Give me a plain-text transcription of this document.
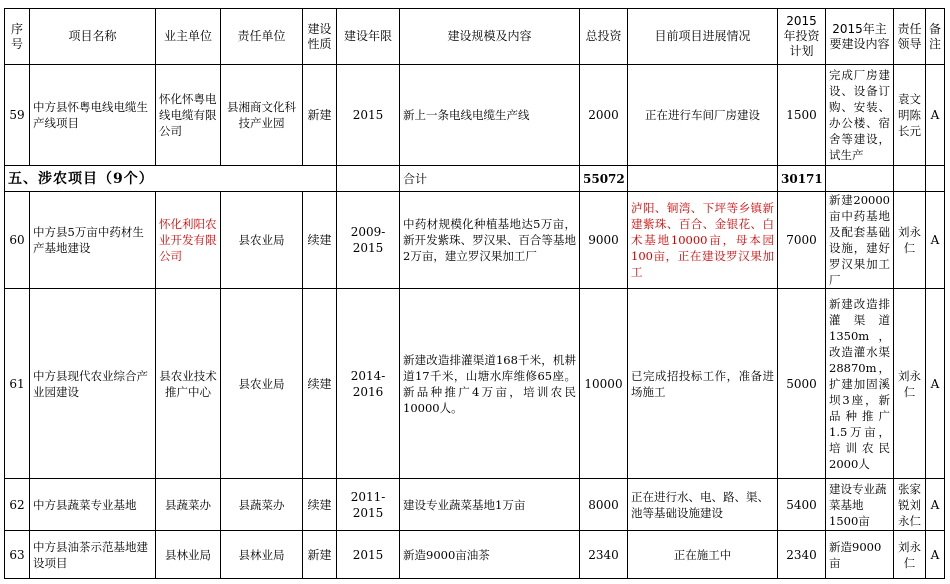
序号	项目名称	业主单位	责任单位	建设性质	建设年限	建设规模及内容	总投资	目前项目进展情况	2015年投资计划	2015年主要建设内容	责任领导	备注
59	中方县怀粤电线电缆生产线项目	怀化怀粤电线电缆有限公司	县湘商文化科技产业园	新建	2015	新上一条电线电缆生产线	2000	正在进行车间厂房建设	1500	完成厂房建设、设备订购、安装、办公楼、宿舍等建设，试生产	袁文明陈长元	A
五、涉农项目（9个）						合计	55072		30171			
60	中方县5万亩中药材生产基地建设	怀化利阳农业开发有限公司	县农业局	续建	2009-2015	中药材规模化种植基地达5万亩，新开发紫珠、罗汉果、百合等基地2万亩，建立罗汉果加工厂	9000	泸阳、铜湾、下坪等乡镇新建紫珠、百合、金银花、白术基地10000亩，母本园100亩，正在建设罗汉果加工	7000	新建20000亩中药基地及配套基础设施，建好罗汉果加工厂	刘永仁	A
61	中方县现代农业综合产业园建设	县农业技术推广中心	县农业局	续建	2014-2016	新建改造排灌渠道168千米，机耕道17千米，山塘水库维修65座。新品种推广4万亩，培训农民10000人。	10000	已完成招投标工作，准备进场施工	5000	新建改造排灌渠道1350m，改造灌水渠28870m，扩建加固溪坝3座，新品种推广1.5万亩，培训农民2000人	刘永仁	A
62	中方县蔬菜专业基地	县蔬菜办	县蔬菜办	续建	2011-2015	建设专业蔬菜基地1万亩	8000	正在进行水、电、路、渠、池等基础设施建设	5400	建设专业蔬菜基地1500亩	张家锐刘永仁	A
63	中方县油茶示范基地建设项目	县林业局	县林业局	新建	2015	新造9000亩油茶	2340	正在施工中	2340	新造9000亩	刘永仁	A
